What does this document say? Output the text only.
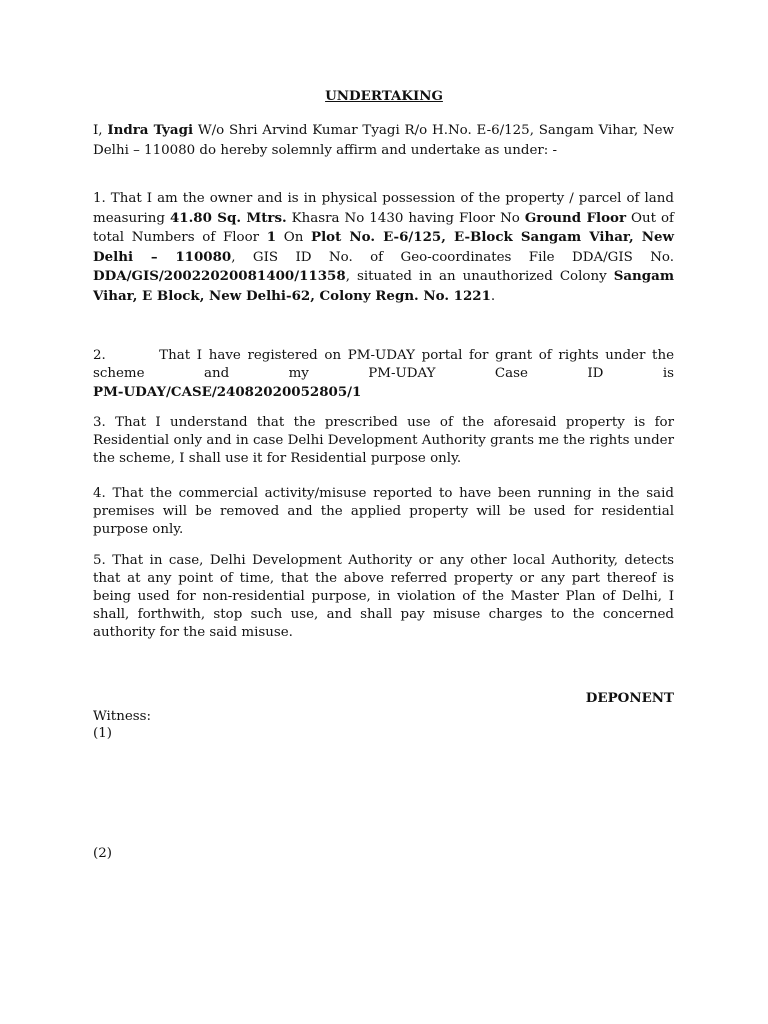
UNDERTAKING

I, Indra Tyagi W/o Shri Arvind Kumar Tyagi R/o H.No. E-6/125, Sangam Vihar, New Delhi – 110080 do hereby solemnly affirm and undertake as under: -

1. That I am the owner and is in physical possession of the property / parcel of land measuring 41.80 Sq. Mtrs. Khasra No 1430 having Floor No Ground Floor Out of total Numbers of Floor 1 On Plot No. E-6/125, E-Block Sangam Vihar, New Delhi – 110080, GIS ID No. of Geo-coordinates File DDA/GIS No. DDA/GIS/20022020081400/11358, situated in an unauthorized Colony Sangam Vihar, E Block, New Delhi-62, Colony Regn. No. 1221.

2.        That I have registered on PM-UDAY portal for grant of rights under the
scheme and my PM-UDAY Case ID is
PM-UDAY/CASE/24082020052805/1

3. That I understand that the prescribed use of the aforesaid property is for Residential only and in case Delhi Development Authority grants me the rights under the scheme, I shall use it for Residential purpose only.

4. That the commercial activity/misuse reported to have been running in the said premises will be removed and the applied property will be used for residential purpose only.

5. That in case, Delhi Development Authority or any other local Authority, detects that at any point of time, that the above referred property or any part thereof is being used for non-residential purpose, in violation of the Master Plan of Delhi, I shall, forthwith, stop such use, and shall pay misuse charges to the concerned authority for the said misuse.

DEPONENT
Witness:
(1)
(2)
